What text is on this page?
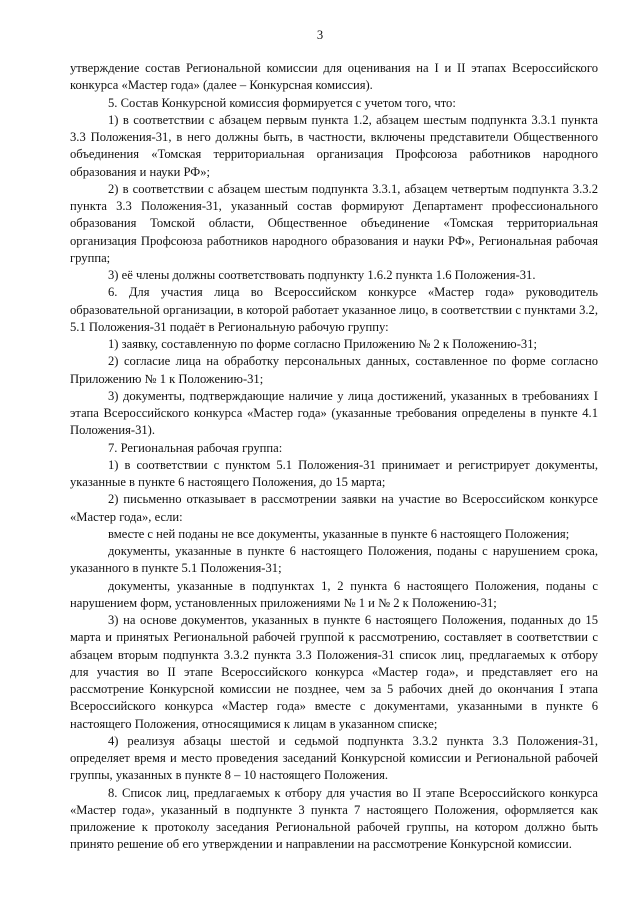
3

утверждение состав Региональной комиссии для оценивания на I и II этапах Всероссийского конкурса «Мастер года» (далее – Конкурсная комиссия).

5. Состав Конкурсной комиссия формируется с учетом того, что:

1) в соответствии с абзацем первым пункта 1.2, абзацем шестым подпункта 3.3.1 пункта 3.3 Положения-31, в него должны быть, в частности, включены представители Общественного объединения «Томская территориальная организация Профсоюза работников народного образования и науки РФ»;

2) в соответствии с абзацем шестым подпункта 3.3.1, абзацем четвертым подпункта 3.3.2 пункта 3.3 Положения-31, указанный состав формируют Департамент профессионального образования Томской области, Общественное объединение «Томская территориальная организация Профсоюза работников народного образования и науки РФ», Региональная рабочая группа;

3) её члены должны соответствовать подпункту 1.6.2 пункта 1.6 Положения-31.

6. Для участия лица во Всероссийском конкурсе «Мастер года» руководитель образовательной организации, в которой работает указанное лицо, в соответствии с пунктами 3.2, 5.1 Положения-31 подаёт в Региональную рабочую группу:

1) заявку, составленную по форме согласно Приложению № 2 к Положению-31;

2) согласие лица на обработку персональных данных, составленное по форме согласно Приложению № 1 к Положению-31;

3) документы, подтверждающие наличие у лица достижений, указанных в требованиях I этапа Всероссийского конкурса «Мастер года» (указанные требования определены в пункте 4.1 Положения-31).

7. Региональная рабочая группа:

1) в соответствии с пунктом 5.1 Положения-31 принимает и регистрирует документы, указанные в пункте 6 настоящего Положения, до 15 марта;

2) письменно отказывает в рассмотрении заявки на участие во Всероссийском конкурсе «Мастер года», если:

вместе с ней поданы не все документы, указанные в пункте 6 настоящего Положения;

документы, указанные в пункте 6 настоящего Положения, поданы с нарушением срока, указанного в пункте 5.1 Положения-31;

документы, указанные в подпунктах 1, 2 пункта 6 настоящего Положения, поданы с нарушением форм, установленных приложениями № 1 и № 2 к Положению-31;

3) на основе документов, указанных в пункте 6 настоящего Положения, поданных до 15 марта и принятых Региональной рабочей группой к рассмотрению, составляет в соответствии с абзацем вторым подпункта 3.3.2 пункта 3.3 Положения-31 список лиц, предлагаемых к отбору для участия во II этапе Всероссийского конкурса «Мастер года», и представляет его на рассмотрение Конкурсной комиссии не позднее, чем за 5 рабочих дней до окончания I этапа Всероссийского конкурса «Мастер года» вместе с документами, указанными в пункте 6 настоящего Положения, относящимися к лицам в указанном списке;

4) реализуя абзацы шестой и седьмой подпункта 3.3.2 пункта 3.3 Положения-31, определяет время и место проведения заседаний Конкурсной комиссии и Региональной рабочей группы, указанных в пункте 8 – 10 настоящего Положения.

8. Список лиц, предлагаемых к отбору для участия во II этапе Всероссийского конкурса «Мастер года», указанный в подпункте 3 пункта 7 настоящего Положения, оформляется как приложение к протоколу заседания Региональной рабочей группы, на котором должно быть принято решение об его утверждении и направлении на рассмотрение Конкурсной комиссии.
